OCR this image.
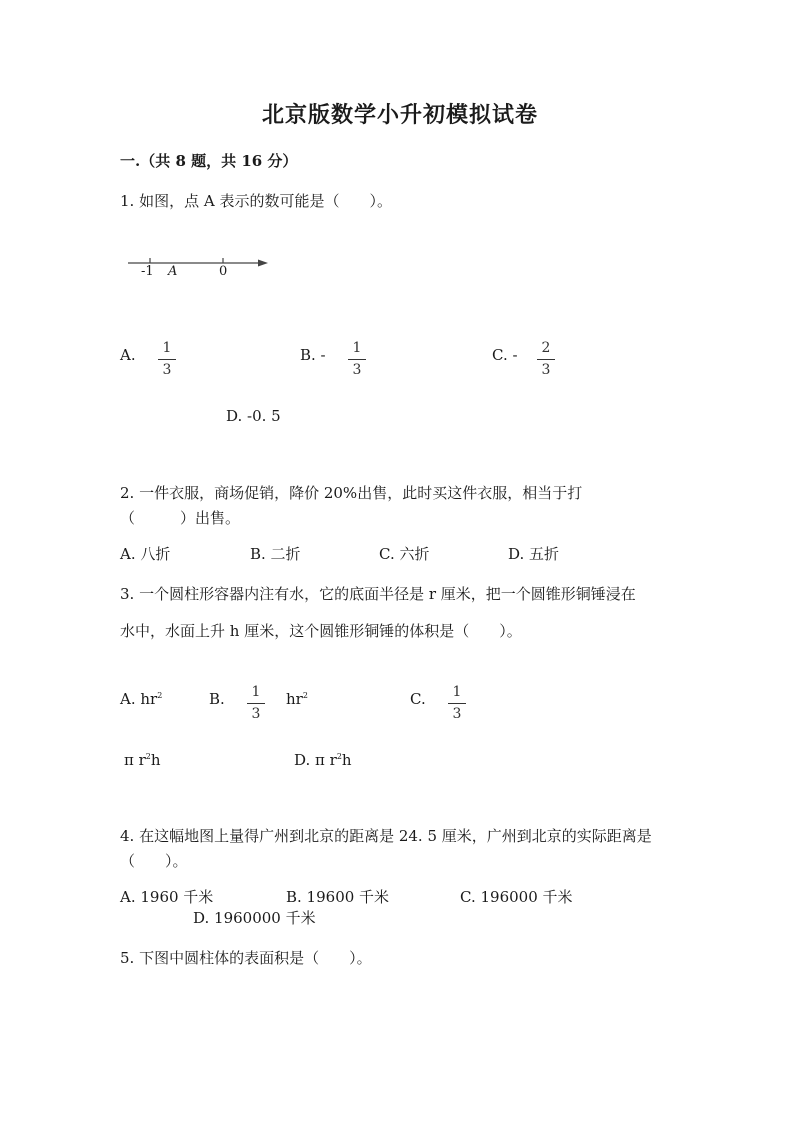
北京版数学小升初模拟试卷
一.（共 8 题，共 16 分）
1. 如图，点 A 表示的数可能是（　　）。
-1 A	0
A.	1
3
B. -	1
3
C. -	2
3
D. -0. 5
2. 一件衣服，商场促销，降价 20%出售，此时买这件衣服，相当于打
（　　　）出售。
A. 八折	B. 二折	C. 六折	D. 五折
3. 一个圆柱形容器内注有水，它的底面半径是 r 厘米，把一个圆锥形铜锤浸在
水中，水面上升 h 厘米，这个圆锥形铜锤的体积是（　　）。
A. $hr^2$	B.	1
3
$hr^2$	C.	1
3
π $r^2h$	D. π $r^2h$
4. 在这幅地图上量得广州到北京的距离是 24. 5 厘米，广州到北京的实际距离是
（　　）。
A. 1960 千米	B. 19600 千米	C. 196000 千米
D. 1960000 千米
5. 下图中圆柱体的表面积是（　　）。
